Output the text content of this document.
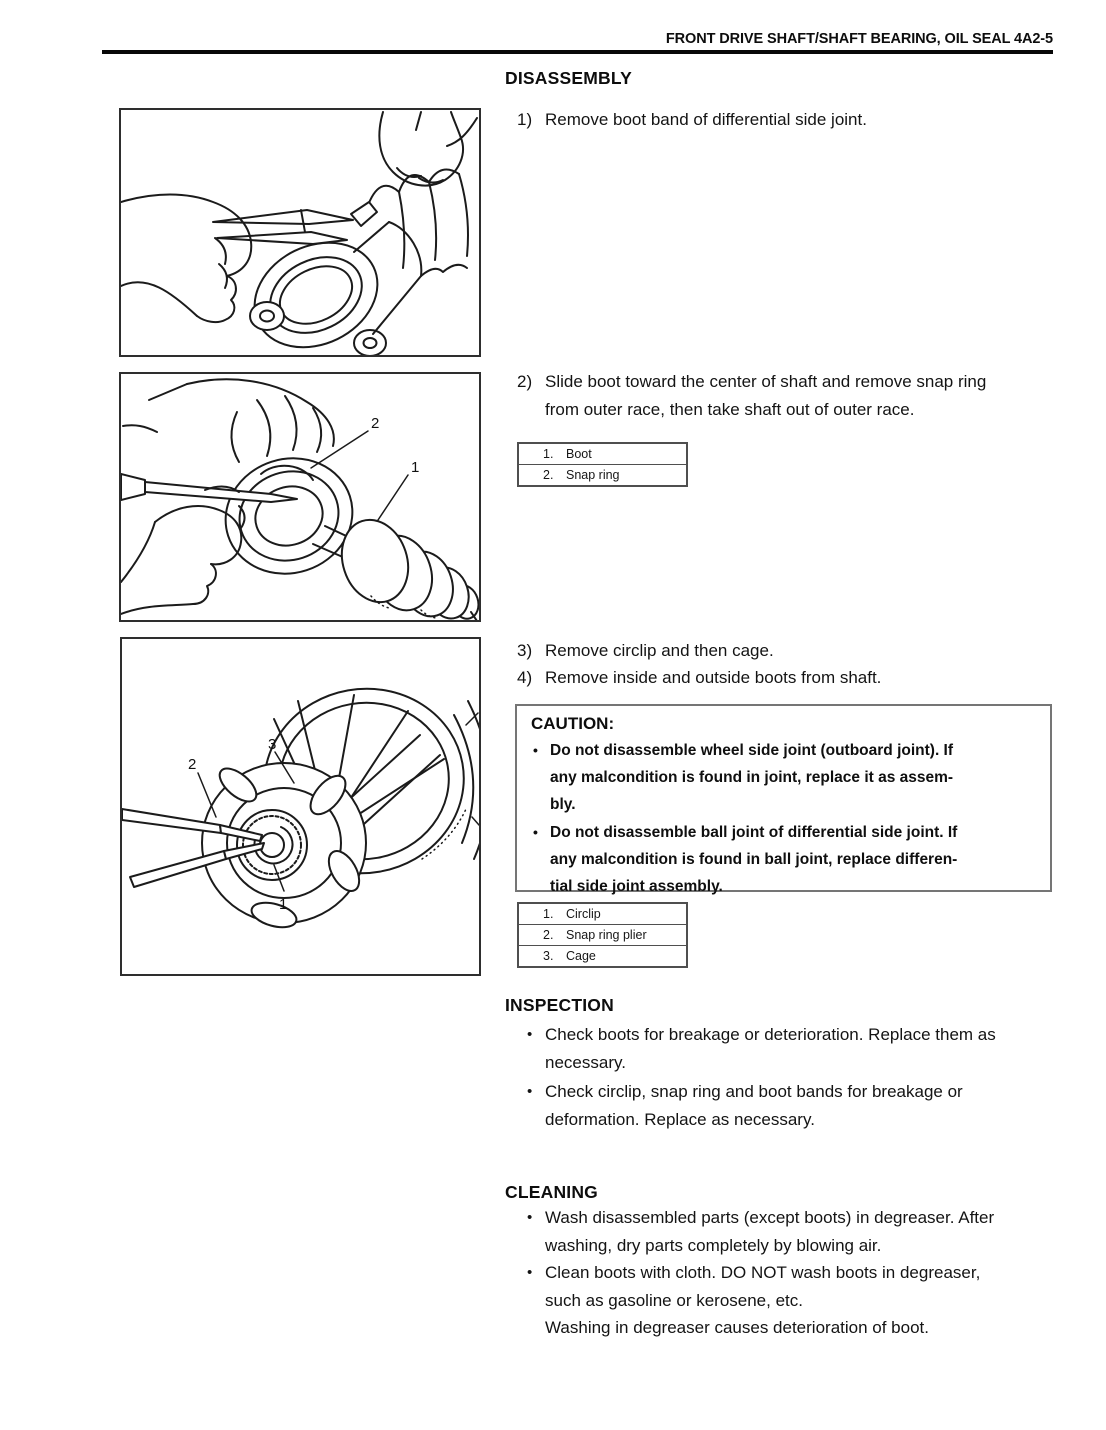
FRONT DRIVE SHAFT/SHAFT BEARING, OIL SEAL 4A2-5
DISASSEMBLY
1) Remove boot band of differential side joint.
2
1
2) Slide boot toward the center of shaft and remove snap ring
from outer race, then take shaft out of outer race.
1.	Boot
2.	Snap ring
3
2
1
3) Remove circlip and then cage.
4) Remove inside and outside boots from shaft.
CAUTION:
• Do not disassemble wheel side joint (outboard joint). If
any malcondition is found in joint, replace it as assem-
bly.
• Do not disassemble ball joint of differential side joint. If
any malcondition is found in ball joint, replace differen-
tial side joint assembly.
1.	Circlip
2.	Snap ring plier
3.	Cage
INSPECTION
• Check boots for breakage or deterioration. Replace them as
necessary.
• Check circlip, snap ring and boot bands for breakage or
deformation. Replace as necessary.
CLEANING
• Wash disassembled parts (except boots) in degreaser. After
washing, dry parts completely by blowing air.
• Clean boots with cloth. DO NOT wash boots in degreaser,
such as gasoline or kerosene, etc.
Washing in degreaser causes deterioration of boot.
